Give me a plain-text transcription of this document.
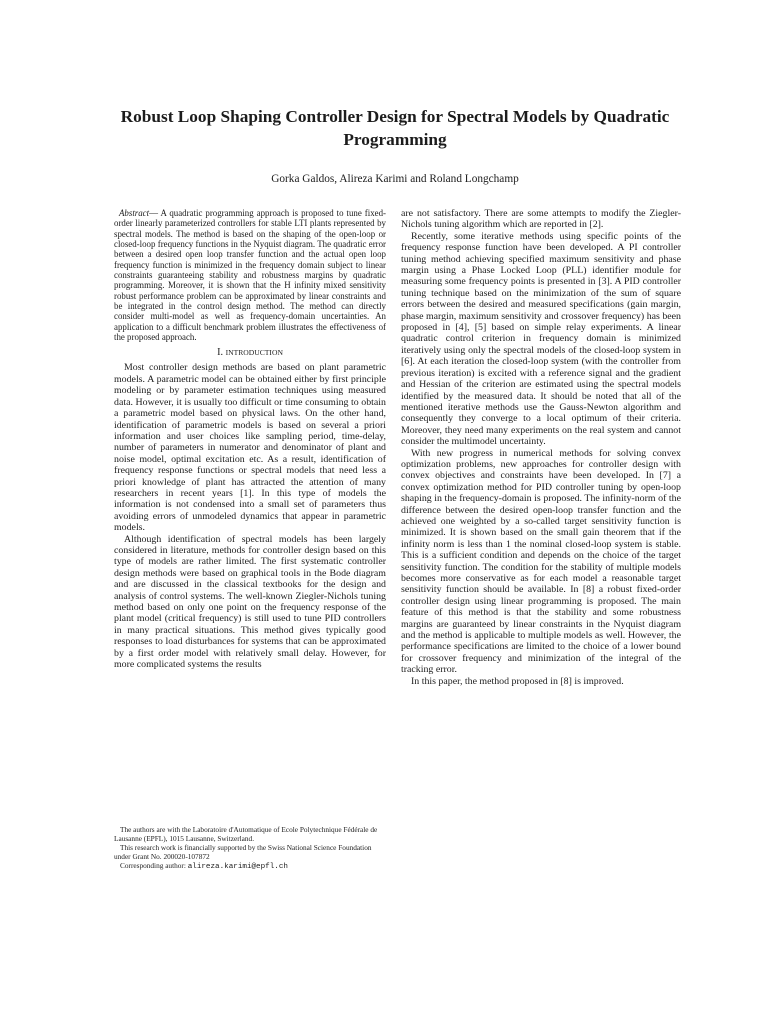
Robust Loop Shaping Controller Design for Spectral Models by Quadratic Programming
Gorka Galdos, Alireza Karimi and Roland Longchamp

Abstract— A quadratic programming approach is proposed to tune fixed-order linearly parameterized controllers for stable LTI plants represented by spectral models. The method is based on the shaping of the open-loop or closed-loop frequency functions in the Nyquist diagram. The quadratic error between a desired open loop transfer function and the actual open loop frequency function is minimized in the frequency domain subject to linear constraints guaranteeing stability and robustness margins by quadratic programming. Moreover, it is shown that the H infinity mixed sensitivity robust performance problem can be approximated by linear constraints and be integrated in the control design method. The method can directly consider multi-model as well as frequency-domain uncertainties. An application to a difficult benchmark problem illustrates the effectiveness of the proposed approach.

I. INTRODUCTION

Most controller design methods are based on plant parametric models. A parametric model can be obtained either by first principle modeling or by parameter estimation techniques using measured data. However, it is usually too difficult or time consuming to obtain a parametric model based on physical laws. On the other hand, identification of parametric models is based on several a priori information and user choices like sampling period, time-delay, number of parameters in numerator and denominator of plant and noise model, optimal excitation etc. As a result, identification of frequency response functions or spectral models that need less a priori knowledge of plant has attracted the attention of many researchers in recent years [1]. In this type of models the information is not condensed into a small set of parameters thus avoiding errors of unmodeled dynamics that appear in parametric models.

Although identification of spectral models has been largely considered in literature, methods for controller design based on this type of models are rather limited. The first systematic controller design methods were based on graphical tools in the Bode diagram and are discussed in the classical textbooks for the design and analysis of control systems. The well-known Ziegler-Nichols tuning method based on only one point on the frequency response of the plant model (critical frequency) is still used to tune PID controllers in many practical situations. This method gives typically good responses to load disturbances for systems that can be approximated by a first order model with relatively small delay. However, for more complicated systems the results

The authors are with the Laboratoire d'Automatique of Ecole Polytechnique Fédérale de Lausanne (EPFL), 1015 Lausanne, Switzerland.

This research work is financially supported by the Swiss National Science Foundation under Grant No. 200020-107872

Corresponding author: alireza.karimi@epfl.ch

are not satisfactory. There are some attempts to modify the Ziegler-Nichols tuning algorithm which are reported in [2].

Recently, some iterative methods using specific points of the frequency response function have been developed. A PI controller tuning method achieving specified maximum sensitivity and phase margin using a Phase Locked Loop (PLL) identifier module for measuring some frequency points is presented in [3]. A PID controller tuning technique based on the minimization of the sum of square errors between the desired and measured specifications (gain margin, phase margin, maximum sensitivity and crossover frequency) has been proposed in [4], [5] based on simple relay experiments. A linear quadratic control criterion in frequency domain is minimized iteratively using only the spectral models of the closed-loop system in [6]. At each iteration the closed-loop system (with the controller from previous iteration) is excited with a reference signal and the gradient and Hessian of the criterion are estimated using the spectral models identified by the measured data. It should be noted that all of the mentioned iterative methods use the Gauss-Newton algorithm and consequently they converge to a local optimum of their criteria. Moreover, they need many experiments on the real system and cannot consider the multimodel uncertainty.

With new progress in numerical methods for solving convex optimization problems, new approaches for controller design with convex objectives and constraints have been developed. In [7] a convex optimization method for PID controller tuning by open-loop shaping in the frequency-domain is proposed. The infinity-norm of the difference between the desired open-loop transfer function and the achieved one weighted by a so-called target sensitivity function is minimized. It is shown based on the small gain theorem that if the infinity norm is less than 1 the nominal closed-loop system is stable. This is a sufficient condition and depends on the choice of the target sensitivity function. The condition for the stability of multiple models becomes more conservative as for each model a reasonable target sensitivity function should be available. In [8] a robust fixed-order controller design using linear programming is proposed. The main feature of this method is that the stability and some robustness margins are guaranteed by linear constraints in the Nyquist diagram and the method is applicable to multiple models as well. However, the performance specifications are limited to the choice of a lower bound for crossover frequency and minimization of the integral of the tracking error.

In this paper, the method proposed in [8] is improved.
